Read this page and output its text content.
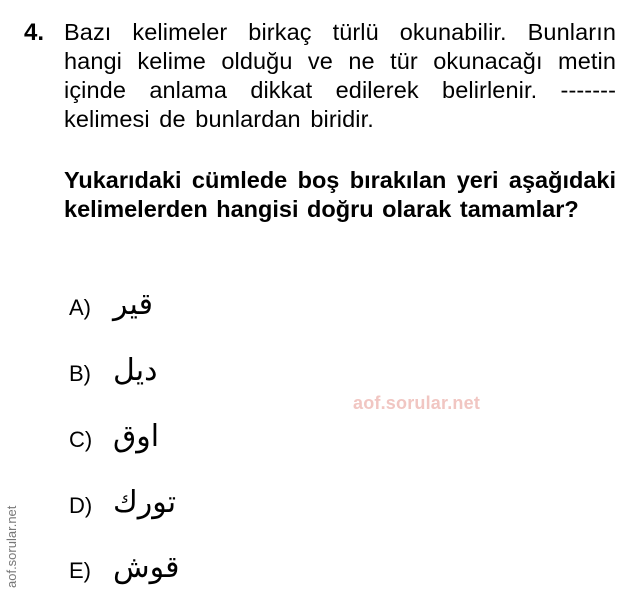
4. Bazı kelimeler birkaç türlü okunabilir. Bunların hangi kelime olduğu ve ne tür okunacağı metin içinde anlama dikkat edilerek belirlenir. ------- kelimesi de bunlardan biridir.
Yukarıdaki cümlede boş bırakılan yeri aşağıdaki kelimelerden hangisi doğru olarak tamamlar?
A) قير
B) ديل
C) اوق
D) تورك
E) قوش
aof.sorular.net
aof.sorular.net
